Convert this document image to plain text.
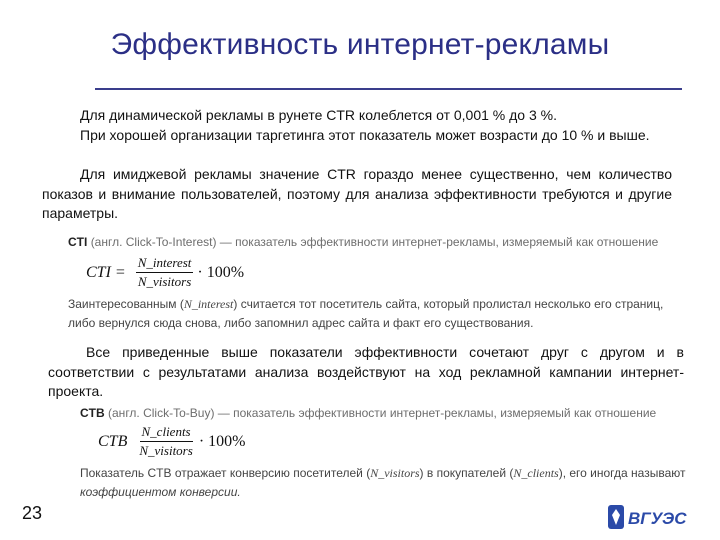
Эффективность интернет-рекламы

Для динамической рекламы в рунете CTR колеблется от 0,001 % до 3 %.

При хорошей организации таргетинга этот показатель может возрасти до 10 % и выше.

Для имиджевой рекламы значение CTR гораздо менее существенно, чем количество показов и внимание пользователей, поэтому для анализа эффективности требуются и другие параметры.

CTI (англ. Click-To-Interest) — показатель эффективности интернет-рекламы, измеряемый как отношение
CTI = $\frac{\text{N\_interest}}{\text{N\_visitors}} \cdot 100\%$
Заинтересованным (N_interest) считается тот посетитель сайта, который пролистал несколько его страниц,
либо вернулся сюда снова, либо запомнил адрес сайта и факт его существования.

Все приведенные выше показатели эффективности сочетают друг с другом и в соответствии с результатами анализа воздействуют на ход рекламной кампании интернет-проекта.

CTB (англ. Click-To-Buy) — показатель эффективности интернет-рекламы, измеряемый как отношение
CTB $\frac{\text{N\_clients}}{\text{N\_visitors}} \cdot 100\%$
Показатель CTB отражает конверсию посетителей (N_visitors) в покупателей (N_clients), его иногда называют
коэффициентом конверсии.
23	ВГУЭС
